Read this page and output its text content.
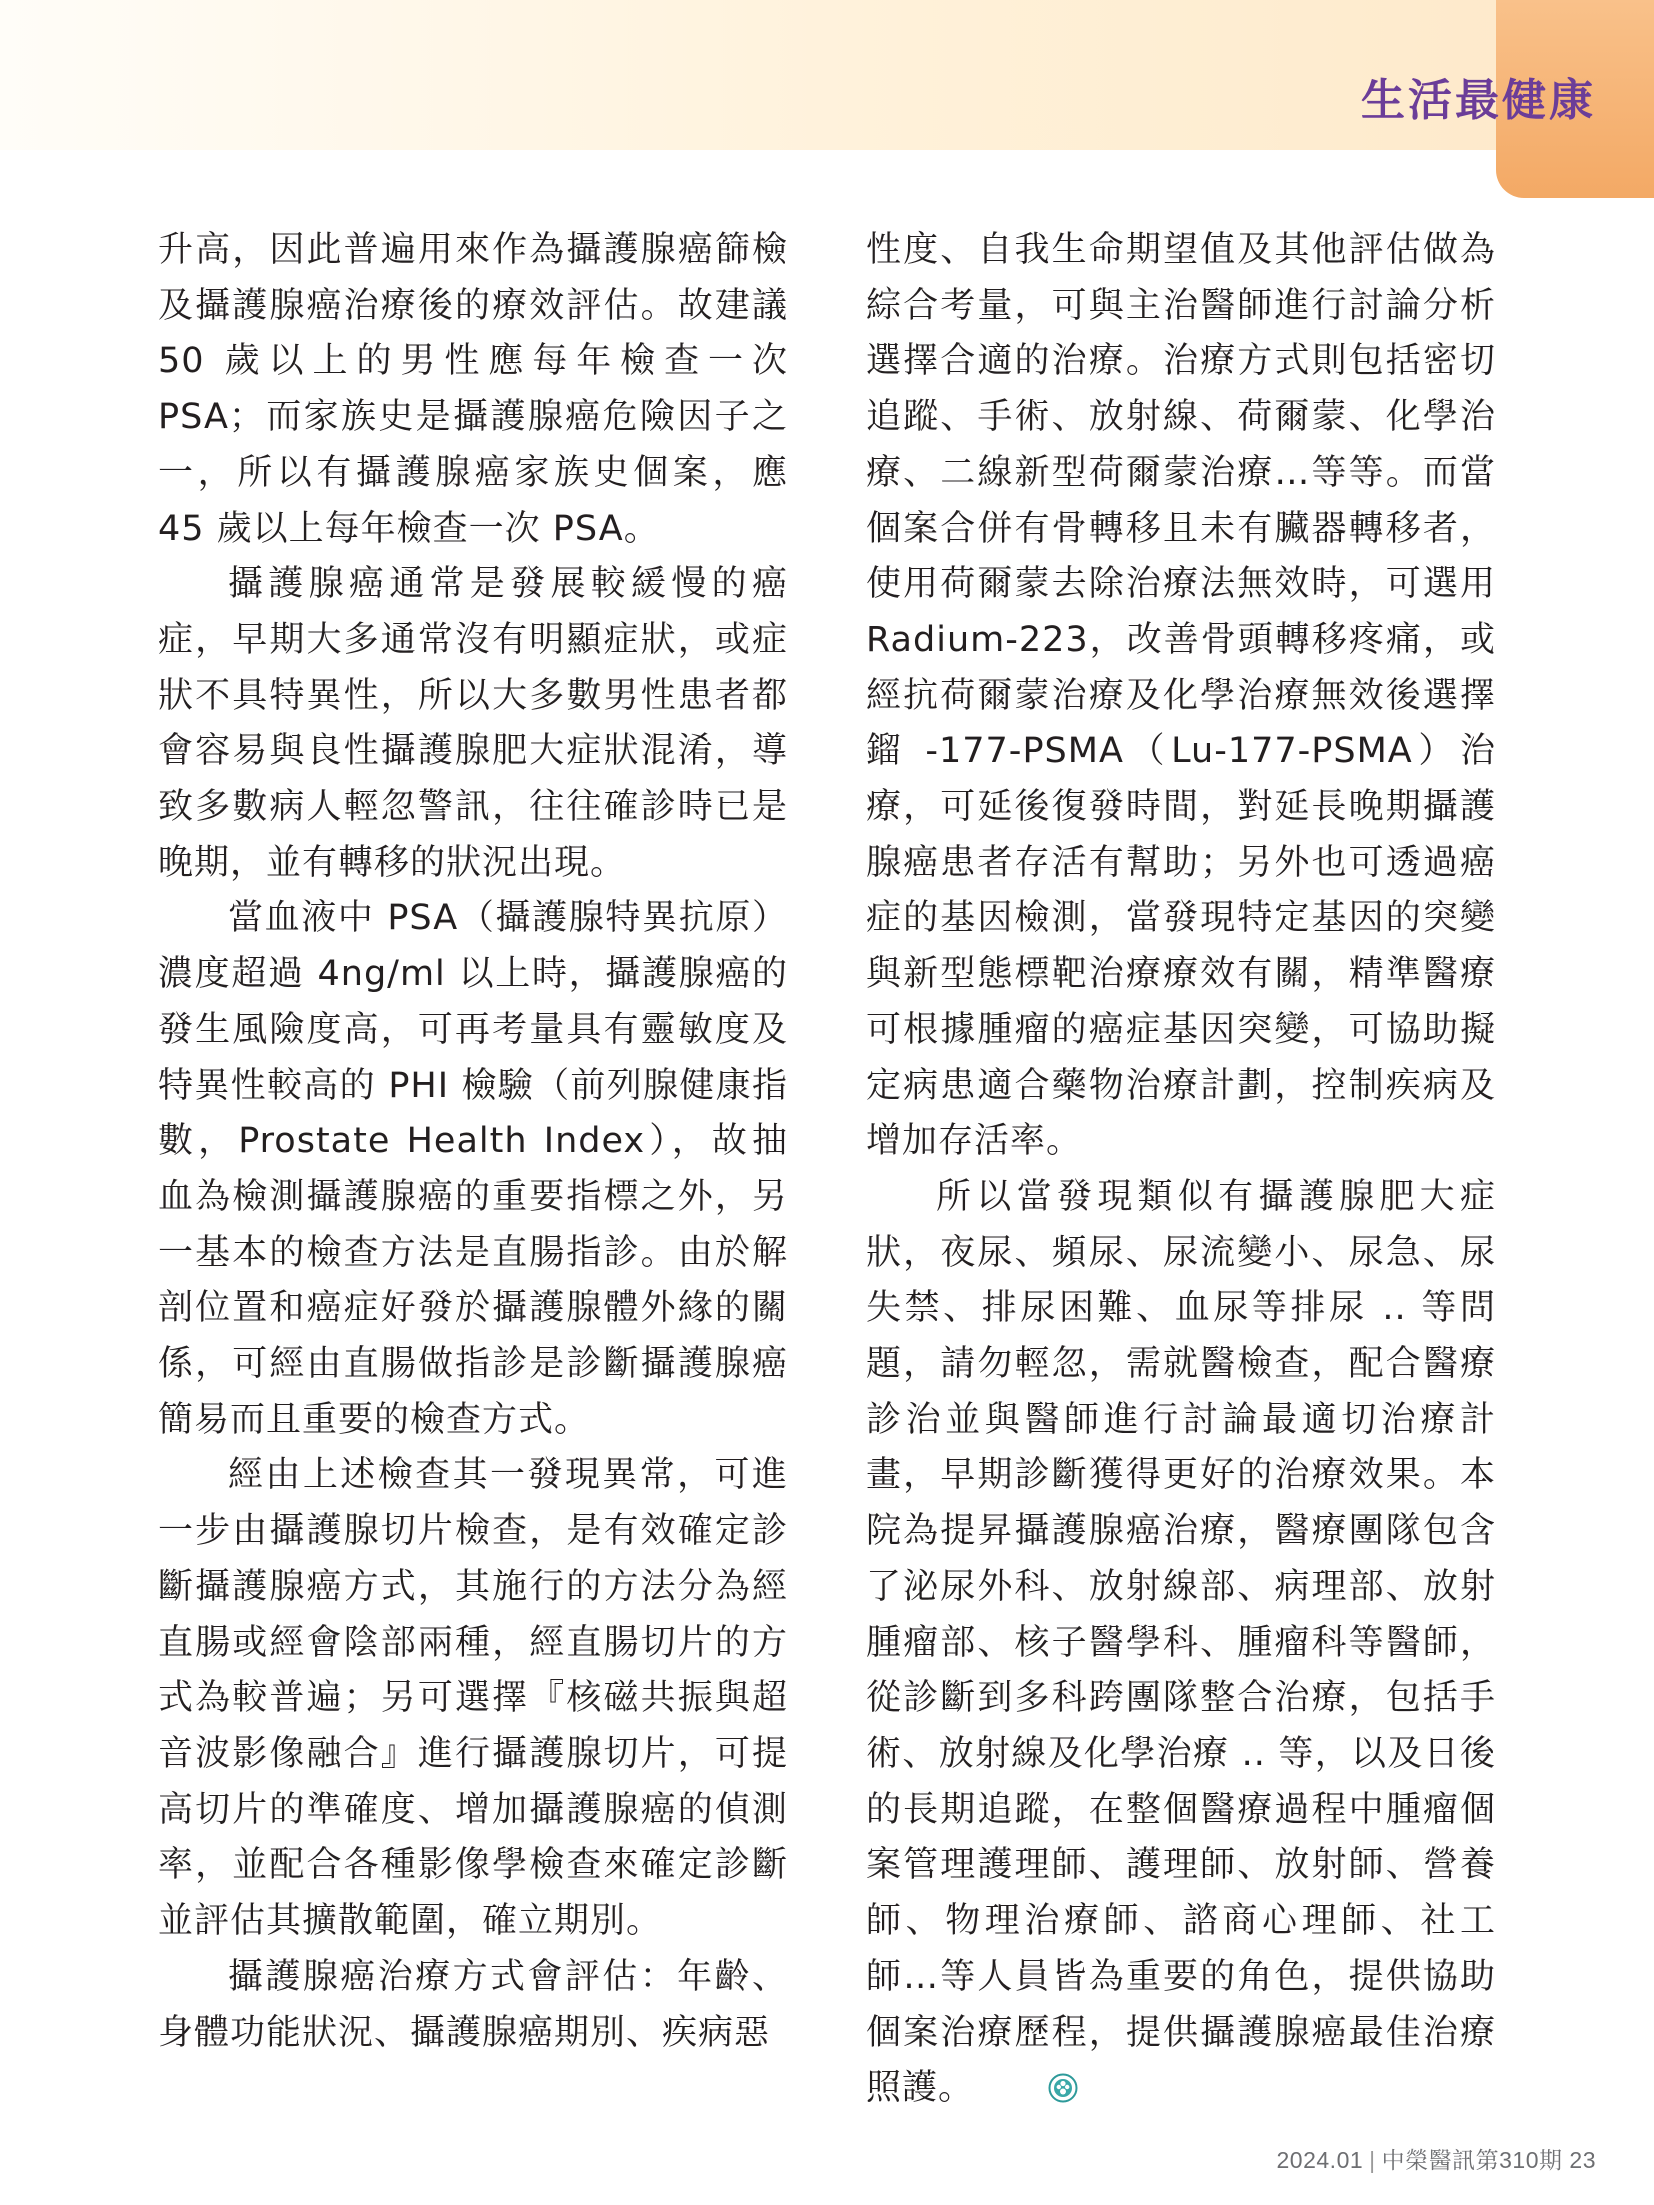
生活最健康

升高，因此普遍用來作為攝護腺癌篩檢及攝護腺癌治療後的療效評估。故建議 50 歲以上的男性應每年檢查一次 PSA；而家族史是攝護腺癌危險因子之一，所以有攝護腺癌家族史個案，應 45 歲以上每年檢查一次 PSA。

攝護腺癌通常是發展較緩慢的癌症，早期大多通常沒有明顯症狀，或症狀不具特異性，所以大多數男性患者都會容易與良性攝護腺肥大症狀混淆，導致多數病人輕忽警訊，往往確診時已是晚期，並有轉移的狀況出現。

當血液中 PSA（攝護腺特異抗原）濃度超過 4ng/ml 以上時，攝護腺癌的發生風險度高，可再考量具有靈敏度及特異性較高的 PHI 檢驗（前列腺健康指數，Prostate Health Index），故抽血為檢測攝護腺癌的重要指標之外，另一基本的檢查方法是直腸指診。由於解剖位置和癌症好發於攝護腺體外緣的關係，可經由直腸做指診是診斷攝護腺癌簡易而且重要的檢查方式。

經由上述檢查其一發現異常，可進一步由攝護腺切片檢查，是有效確定診斷攝護腺癌方式，其施行的方法分為經直腸或經會陰部兩種，經直腸切片的方式為較普遍；另可選擇『核磁共振與超音波影像融合』進行攝護腺切片，可提高切片的準確度、增加攝護腺癌的偵測率，並配合各種影像學檢查來確定診斷並評估其擴散範圍，確立期別。

攝護腺癌治療方式會評估：年齡、身體功能狀況、攝護腺癌期別、疾病惡

性度、自我生命期望值及其他評估做為綜合考量，可與主治醫師進行討論分析選擇合適的治療。治療方式則包括密切追蹤、手術、放射線、荷爾蒙、化學治療、二線新型荷爾蒙治療…等等。而當個案合併有骨轉移且未有臟器轉移者，使用荷爾蒙去除治療法無效時，可選用 Radium-223，改善骨頭轉移疼痛，或經抗荷爾蒙治療及化學治療無效後選擇鎦 -177-PSMA（Lu-177-PSMA）治療，可延後復發時間，對延長晚期攝護腺癌患者存活有幫助；另外也可透過癌症的基因檢測，當發現特定基因的突變與新型態標靶治療療效有關，精準醫療可根據腫瘤的癌症基因突變，可協助擬定病患適合藥物治療計劃，控制疾病及增加存活率。

所以當發現類似有攝護腺肥大症狀，夜尿、頻尿、尿流變小、尿急、尿失禁、排尿困難、血尿等排尿 .. 等問題，請勿輕忽，需就醫檢查，配合醫療診治並與醫師進行討論最適切治療計畫，早期診斷獲得更好的治療效果。本院為提昇攝護腺癌治療，醫療團隊包含了泌尿外科、放射線部、病理部、放射腫瘤部、核子醫學科、腫瘤科等醫師，從診斷到多科跨團隊整合治療，包括手術、放射線及化學治療 .. 等，以及日後的長期追蹤，在整個醫療過程中腫瘤個案管理護理師、護理師、放射師、營養師、物理治療師、諮商心理師、社工師…等人員皆為重要的角色，提供協助個案治療歷程，提供攝護腺癌最佳治療照護。

2024.01 | 中榮醫訊第310期 23
